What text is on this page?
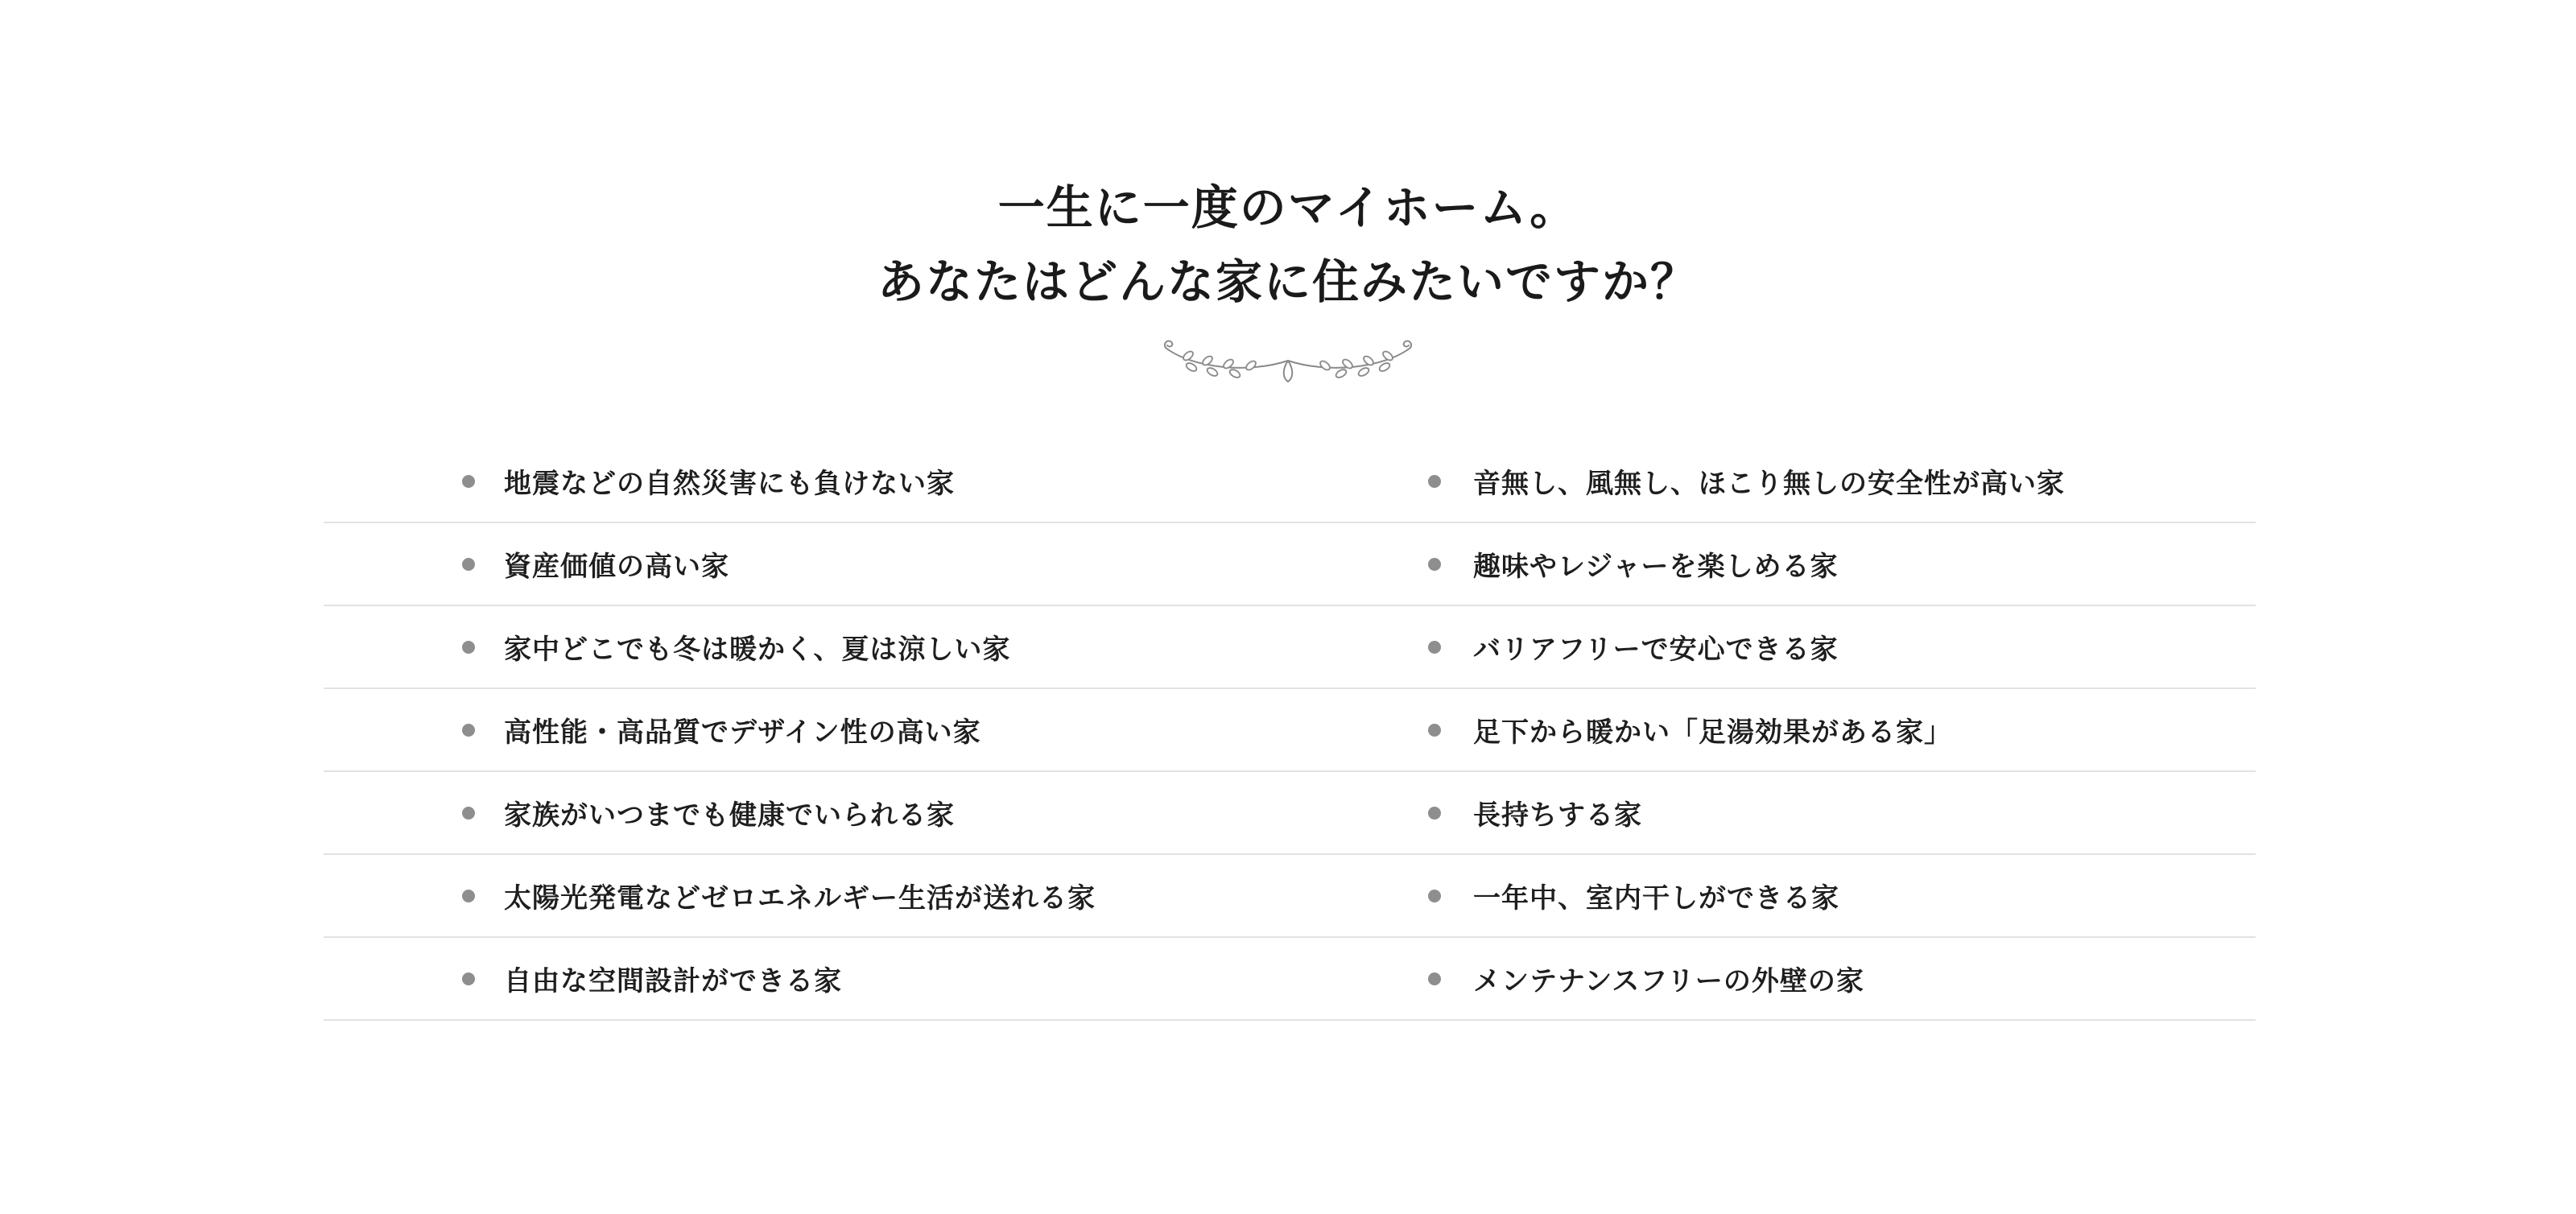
一生に一度のマイホーム。
あなたはどんな家に住みたいですか？
地震などの自然災害にも負けない家	音無し、風無し、ほこり無しの安全性が高い家
資産価値の高い家	趣味やレジャーを楽しめる家
家中どこでも冬は暖かく、夏は涼しい家	バリアフリーで安心できる家
高性能・高品質でデザイン性の高い家	足下から暖かい「足湯効果がある家」
家族がいつまでも健康でいられる家	長持ちする家
太陽光発電などゼロエネルギー生活が送れる家	一年中、室内干しができる家
自由な空間設計ができる家	メンテナンスフリーの外壁の家
